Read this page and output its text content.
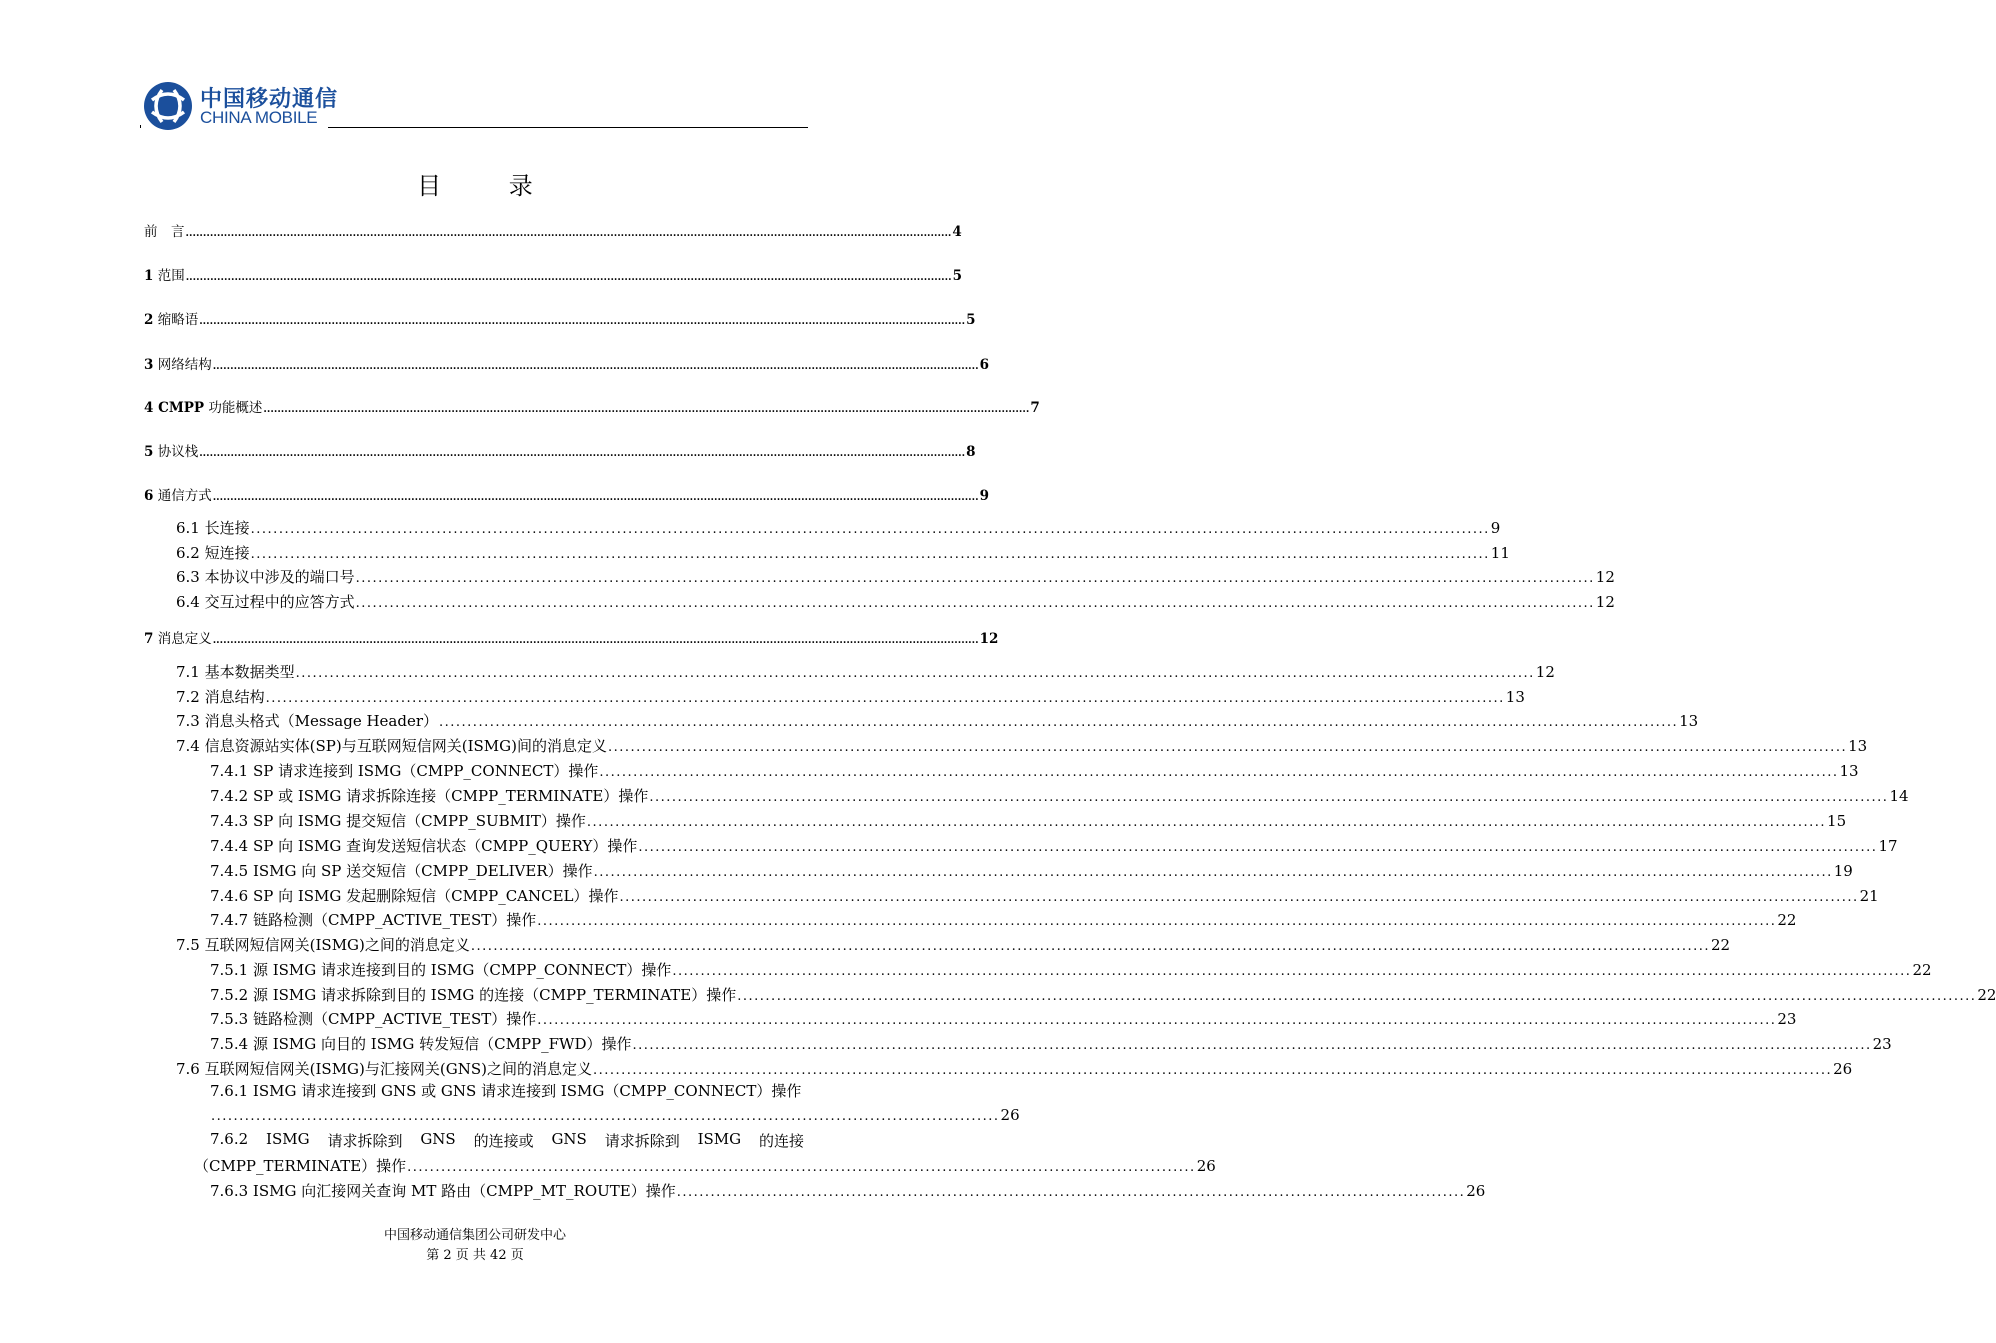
中国移动通信
CHINA MOBILE
目 录
前　言 ............................................................................................................................................................................................................................ 4
1 范围 ............................................................................................................................................................................................................................ 5
2 缩略语 ............................................................................................................................................................................................................................ 5
3 网络结构 ............................................................................................................................................................................................................................ 6
4 CMPP 功能概述 ............................................................................................................................................................................................................................ 7
5 协议栈 ............................................................................................................................................................................................................................ 8
6 通信方式 ............................................................................................................................................................................................................................ 9
6.1 长连接 ............................................................................................................................................................................................................................ 9
6.2 短连接 ............................................................................................................................................................................................................................ 11
6.3 本协议中涉及的端口号 ............................................................................................................................................................................................................................ 12
6.4 交互过程中的应答方式 ............................................................................................................................................................................................................................ 12
7 消息定义 ............................................................................................................................................................................................................................ 12
7.1 基本数据类型 ............................................................................................................................................................................................................................ 12
7.2 消息结构 ............................................................................................................................................................................................................................ 13
7.3 消息头格式（Message Header） ............................................................................................................................................................................................................................ 13
7.4 信息资源站实体(SP)与互联网短信网关(ISMG)间的消息定义 ............................................................................................................................................................................................................................ 13
7.4.1 SP 请求连接到 ISMG（CMPP_CONNECT）操作 ............................................................................................................................................................................................................................ 13
7.4.2 SP 或 ISMG 请求拆除连接（CMPP_TERMINATE）操作 ............................................................................................................................................................................................................................ 14
7.4.3 SP 向 ISMG 提交短信（CMPP_SUBMIT）操作 ............................................................................................................................................................................................................................ 15
7.4.4 SP 向 ISMG 查询发送短信状态（CMPP_QUERY）操作 ............................................................................................................................................................................................................................ 17
7.4.5 ISMG 向 SP 送交短信（CMPP_DELIVER）操作 ............................................................................................................................................................................................................................ 19
7.4.6 SP 向 ISMG 发起删除短信（CMPP_CANCEL）操作 ............................................................................................................................................................................................................................ 21
7.4.7 链路检测（CMPP_ACTIVE_TEST）操作 ............................................................................................................................................................................................................................ 22
7.5 互联网短信网关(ISMG)之间的消息定义 ............................................................................................................................................................................................................................ 22
7.5.1 源 ISMG 请求连接到目的 ISMG（CMPP_CONNECT）操作 ............................................................................................................................................................................................................................ 22
7.5.2 源 ISMG 请求拆除到目的 ISMG 的连接（CMPP_TERMINATE）操作 ............................................................................................................................................................................................................................ 22
7.5.3 链路检测（CMPP_ACTIVE_TEST）操作 ............................................................................................................................................................................................................................ 23
7.5.4 源 ISMG 向目的 ISMG 转发短信（CMPP_FWD）操作 ............................................................................................................................................................................................................................ 23
7.6 互联网短信网关(ISMG)与汇接网关(GNS)之间的消息定义 ............................................................................................................................................................................................................................ 26
7.6.1 ISMG 请求连接到 GNS 或 GNS 请求连接到 ISMG（CMPP_CONNECT）操作
............................................................................................................................................ 26
7.6.2 ISMG 请求拆除到 GNS 的连接或 GNS 请求拆除到 ISMG 的连接
（CMPP_TERMINATE）操作 ............................................................................................................................................ 26
7.6.3 ISMG 向汇接网关查询 MT 路由（CMPP_MT_ROUTE）操作 ............................................................................................................................................ 26
中国移动通信集团公司研发中心
第 2 页 共 42 页
